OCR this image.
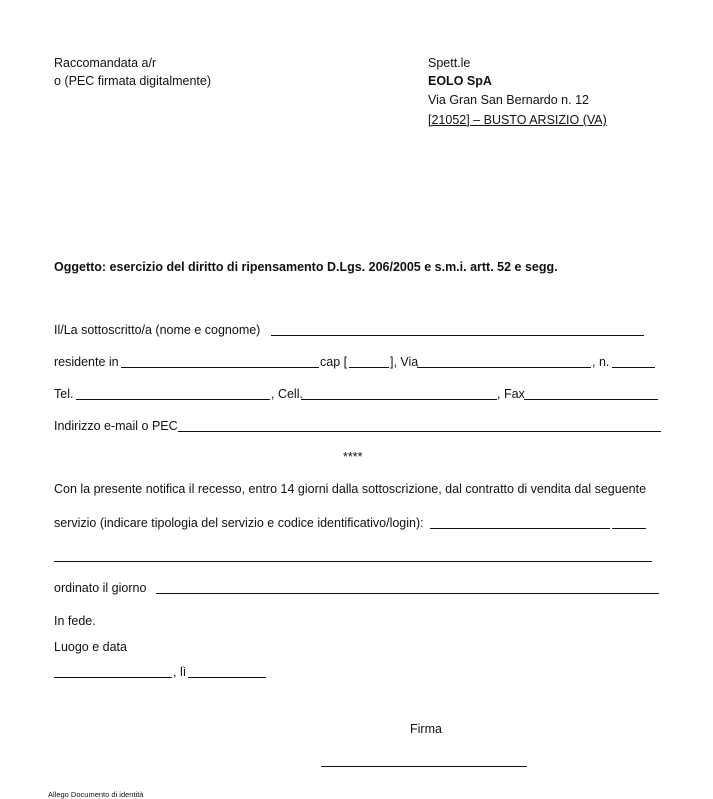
Raccomandata a/r
o (PEC firmata digitalmente)
Spett.le
EOLO SpA
Via Gran San Bernardo n. 12
[21052] – BUSTO ARSIZIO (VA)
Oggetto: esercizio del diritto di ripensamento D.Lgs. 206/2005 e s.m.i. artt. 52 e segg.
Il/La sottoscritto/a (nome e cognome)
residente in	cap [	], Via	, n.
Tel.	, Cell.	, Fax
Indirizzo e-mail o PEC
****
Con la presente notifica il recesso, entro 14 giorni dalla sottoscrizione, dal contratto di vendita dal seguente
servizio (indicare tipologia del servizio e codice identificativo/login):
ordinato il giorno
In fede.
Luogo e data
, lì
Firma
Allego Documento di identità
